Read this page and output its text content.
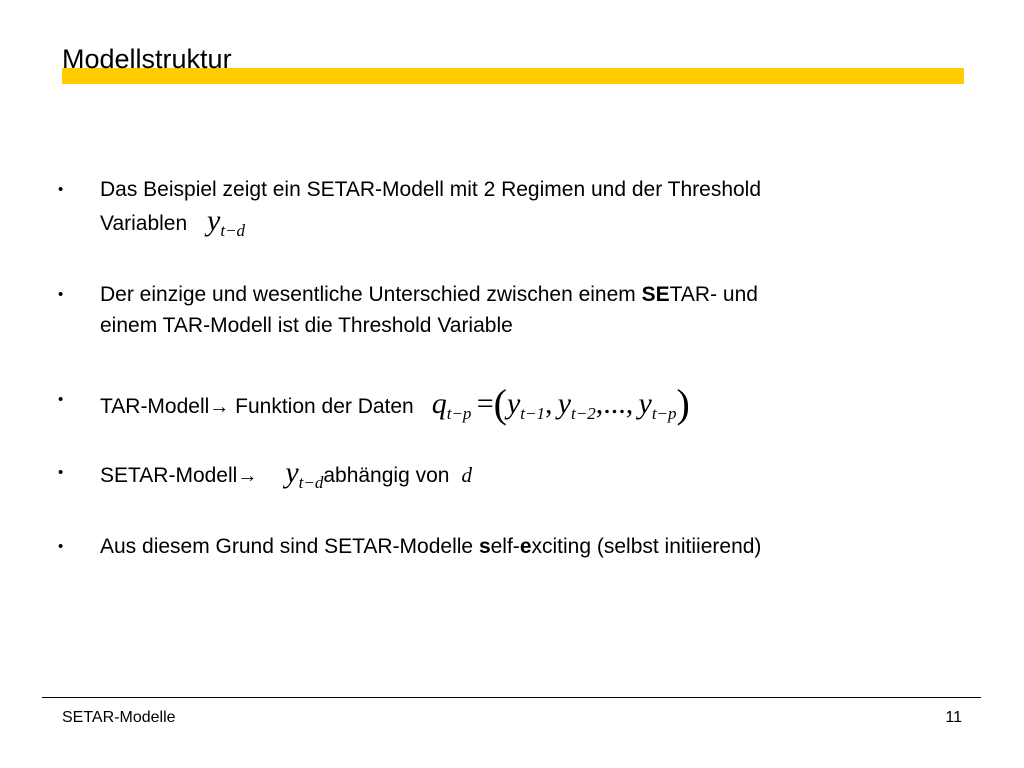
Modellstruktur
•	Das Beispiel zeigt ein SETAR-Modell mit 2 Regimen und der Threshold
Variablen $y_{t-d}$
•	Der einzige und wesentliche Unterschied zwischen einem SETAR- und
einem TAR-Modell ist die Threshold Variable
•	TAR-Modell→ Funktion der Daten $q_{t-p} =(y_{t-1}$, $y_{t-2}$,..., $y_{t-p}$)
•	SETAR-Modell→ $y_{t-d}abhängig$ von d
•	Aus diesem Grund sind SETAR-Modelle self-exciting (selbst initiierend)
SETAR-Modelle	11
